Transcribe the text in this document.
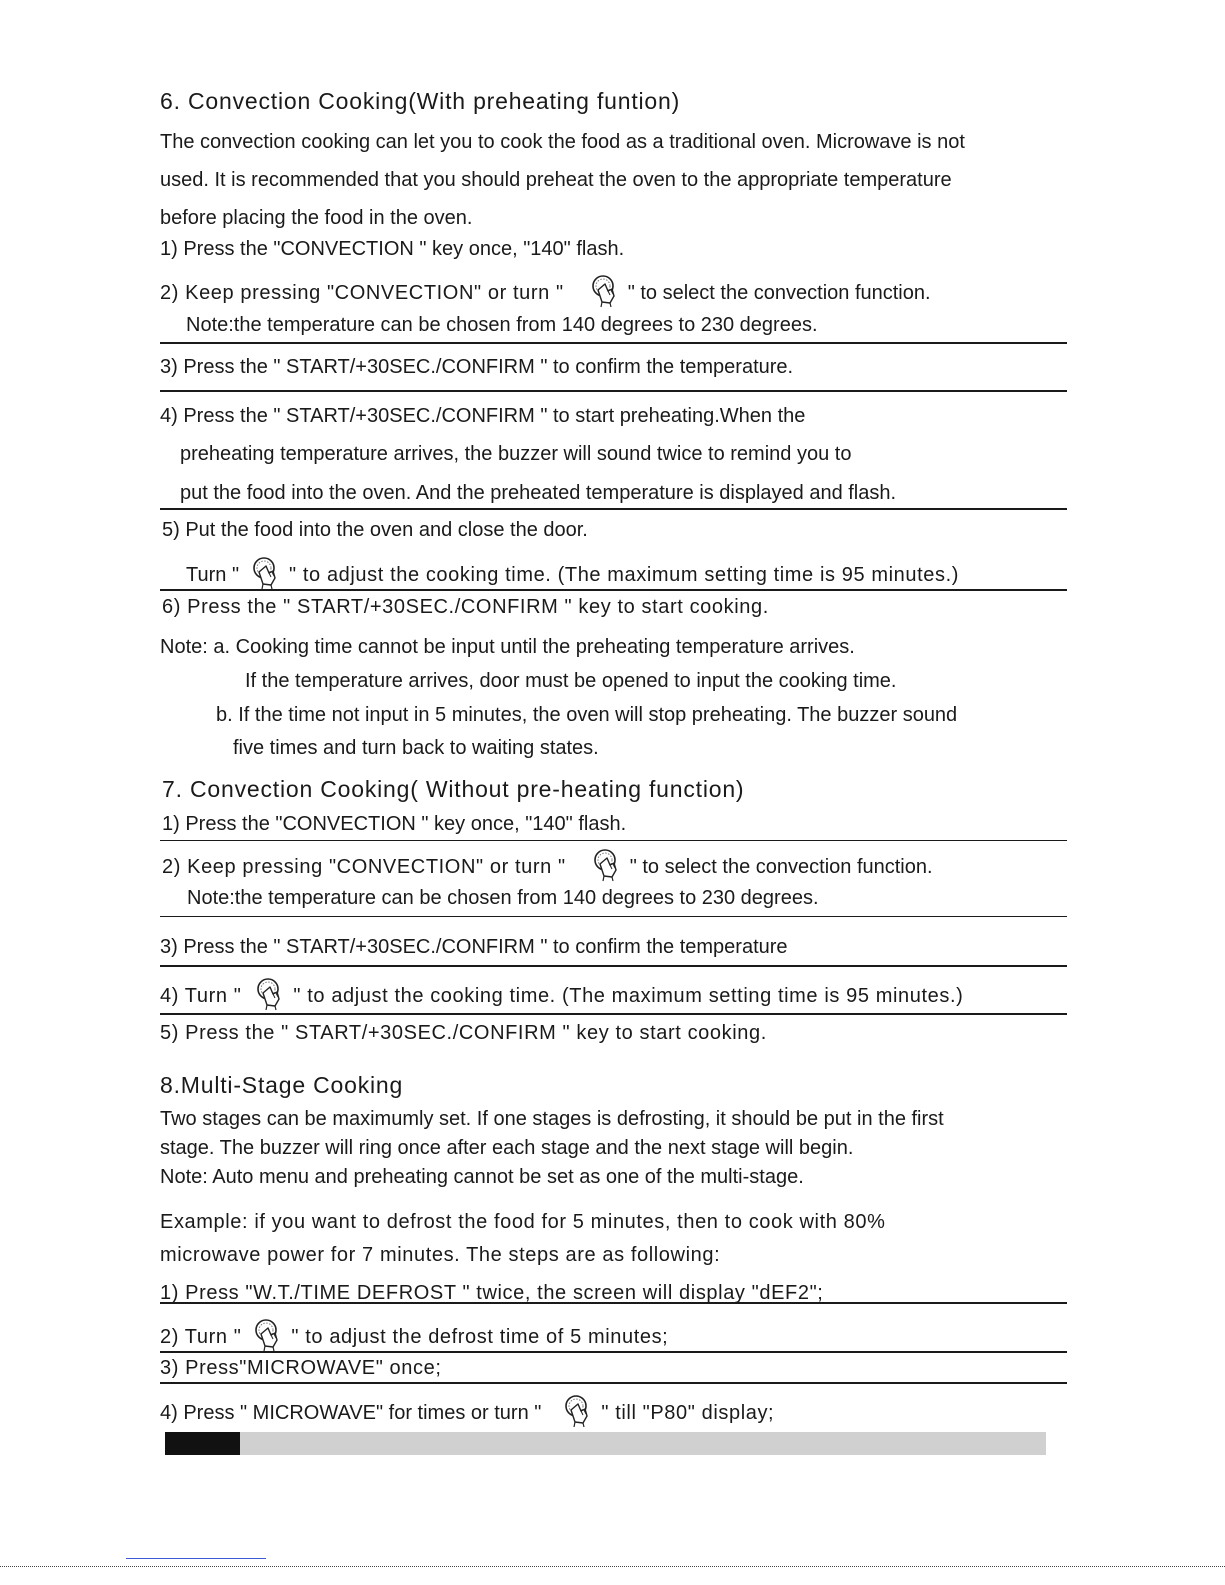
6. Convection Cooking(With preheating funtion)
The convection cooking can let you to cook the food as a traditional oven. Microwave is not
used. It is recommended that you should preheat the oven to the appropriate temperature
before placing the food in the oven.
1) Press the "CONVECTION " key once, "140" flash.
2) Keep pressing "CONVECTION" or turn "	" to select the convection function.
Note:the temperature can be chosen from 140 degrees to 230 degrees.
3) Press the " START/+30SEC./CONFIRM " to confirm the temperature.
4) Press the " START/+30SEC./CONFIRM " to start preheating.When the
preheating temperature arrives, the buzzer will sound twice to remind you to
put the food into the oven. And the preheated temperature is displayed and flash.
5) Put the food into the oven and close the door.
Turn "	" to adjust the cooking time. (The maximum setting time is 95 minutes.)
6) Press the " START/+30SEC./CONFIRM " key to start cooking.
Note: a. Cooking time cannot be input until the preheating temperature arrives.
If the temperature arrives, door must be opened to input the cooking time.
b. If the time not input in 5 minutes, the oven will stop preheating. The buzzer sound
five times and turn back to waiting states.
7. Convection Cooking( Without pre-heating function)
1) Press the "CONVECTION " key once, "140" flash.
2) Keep pressing "CONVECTION" or turn "	" to select the convection function.
Note:the temperature can be chosen from 140 degrees to 230 degrees.
3) Press the " START/+30SEC./CONFIRM " to confirm the temperature
4) Turn "	" to adjust the cooking time. (The maximum setting time is 95 minutes.)
5) Press the " START/+30SEC./CONFIRM " key to start cooking.
8.Multi-Stage Cooking
Two stages can be maximumly set. If one stages is defrosting, it should be put in the first
stage. The buzzer will ring once after each stage and the next stage will begin.
Note: Auto menu and preheating cannot be set as one of the multi-stage.
Example: if you want to defrost the food for 5 minutes, then to cook with 80%
microwave power for 7 minutes. The steps are as following:
1) Press "W.T./TIME DEFROST " twice, the screen will display "dEF2";
2) Turn "	" to adjust the defrost time of 5 minutes;
3) Press"MICROWAVE" once;
4) Press " MICROWAVE" for times or turn "	" till "P80" display;
